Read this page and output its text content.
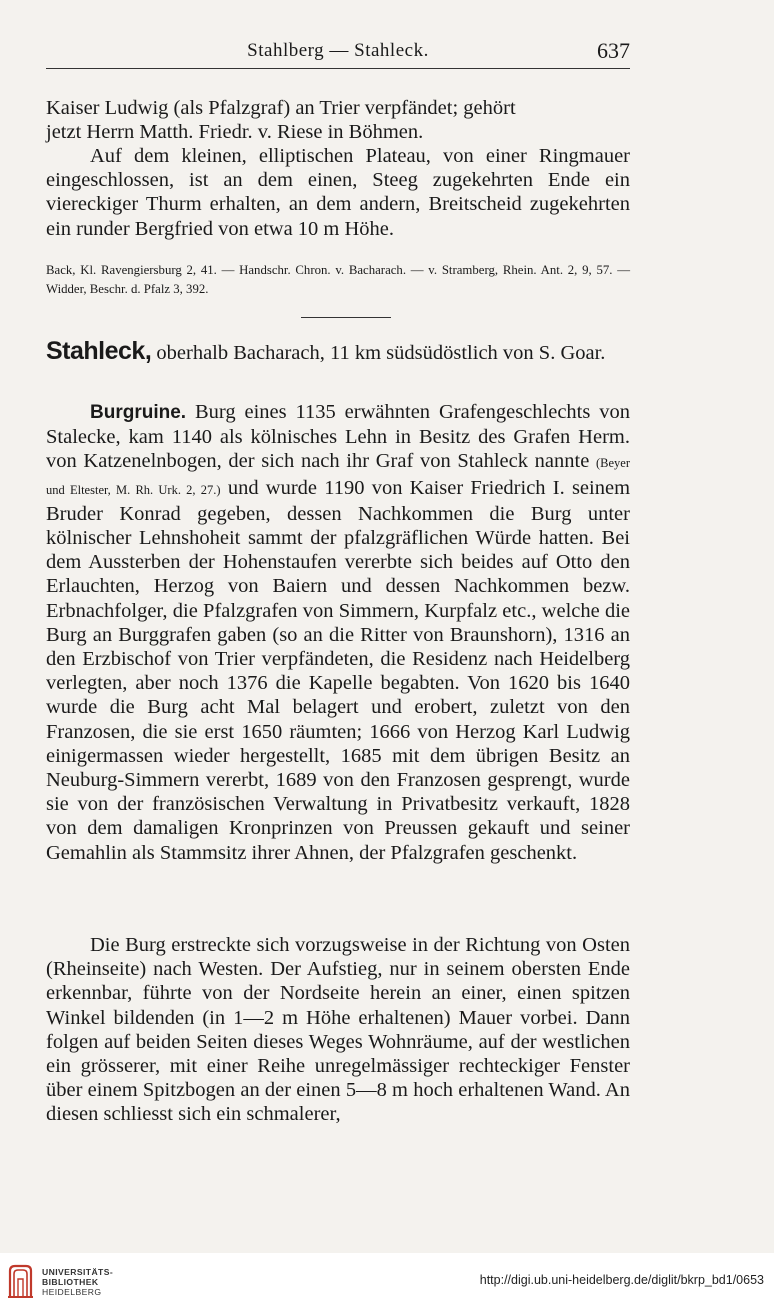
Stahlberg — Stahleck.	637
Kaiser Ludwig (als Pfalzgraf) an Trier verpfändet; gehört
jetzt Herrn Matth. Friedr. v. Riese in Böhmen.
Auf dem kleinen, elliptischen Plateau, von einer Ringmauer eingeschlossen, ist an dem einen, Steeg zugekehrten Ende ein viereckiger Thurm erhalten, an dem andern, Breitscheid zugekehrten ein runder Bergfried von etwa 10 m Höhe.
Back, Kl. Ravengiersburg 2, 41. — Handschr. Chron. v. Bacharach. — v. Stramberg, Rhein. Ant. 2, 9, 57. — Widder, Beschr. d. Pfalz 3, 392.
Stahleck, oberhalb Bacharach, 11 km südsüdöstlich von S. Goar.
Burgruine. Burg eines 1135 erwähnten Grafengeschlechts von Stalecke, kam 1140 als kölnisches Lehn in Besitz des Grafen Herm. von Katzenelnbogen, der sich nach ihr Graf von Stahleck nannte (Beyer und Eltester, M. Rh. Urk. 2, 27.) und wurde 1190 von Kaiser Friedrich I. seinem Bruder Konrad gegeben, dessen Nachkommen die Burg unter kölnischer Lehnshoheit sammt der pfalzgräflichen Würde hatten. Bei dem Aussterben der Hohenstaufen vererbte sich beides auf Otto den Erlauchten, Herzog von Baiern und dessen Nachkommen bezw. Erbnachfolger, die Pfalzgrafen von Simmern, Kurpfalz etc., welche die Burg an Burggrafen gaben (so an die Ritter von Braunshorn), 1316 an den Erzbischof von Trier verpfändeten, die Residenz nach Heidelberg verlegten, aber noch 1376 die Kapelle begabten. Von 1620 bis 1640 wurde die Burg acht Mal belagert und erobert, zuletzt von den Franzosen, die sie erst 1650 räumten; 1666 von Herzog Karl Ludwig einigermassen wieder hergestellt, 1685 mit dem übrigen Besitz an Neuburg-Simmern vererbt, 1689 von den Franzosen gesprengt, wurde sie von der französischen Verwaltung in Privatbesitz verkauft, 1828 von dem damaligen Kronprinzen von Preussen gekauft und seiner Gemahlin als Stammsitz ihrer Ahnen, der Pfalzgrafen geschenkt.
Die Burg erstreckte sich vorzugsweise in der Richtung von Osten (Rheinseite) nach Westen. Der Aufstieg, nur in seinem obersten Ende erkennbar, führte von der Nordseite herein an einer, einen spitzen Winkel bildenden (in 1—2 m Höhe erhaltenen) Mauer vorbei. Dann folgen auf beiden Seiten dieses Weges Wohnräume, auf der westlichen ein grösserer, mit einer Reihe unregelmässiger rechteckiger Fenster über einem Spitzbogen an der einen 5—8 m hoch erhaltenen Wand. An diesen schliesst sich ein schmalerer,
UNIVERSITÄTS-
BIBLIOTHEK
HEIDELBERG
http://digi.ub.uni-heidelberg.de/diglit/bkrp_bd1/0653
